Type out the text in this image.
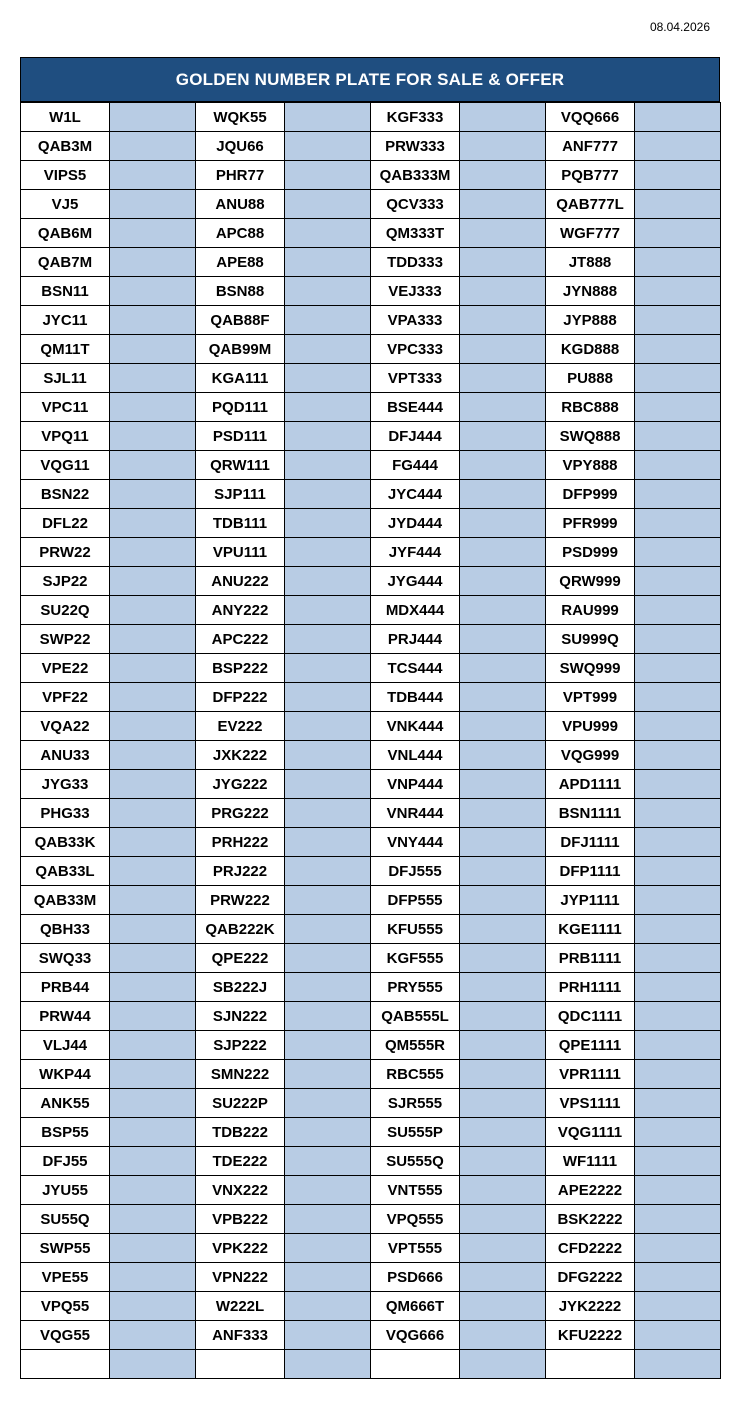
08.04.2026
GOLDEN NUMBER PLATE FOR SALE & OFFER
W1L		WQK55		KGF333		VQQ666	
QAB3M		JQU66		PRW333		ANF777	
VIPS5		PHR77		QAB333M		PQB777	
VJ5		ANU88		QCV333		QAB777L	
QAB6M		APC88		QM333T		WGF777	
QAB7M		APE88		TDD333		JT888	
BSN11		BSN88		VEJ333		JYN888	
JYC11		QAB88F		VPA333		JYP888	
QM11T		QAB99M		VPC333		KGD888	
SJL11		KGA111		VPT333		PU888	
VPC11		PQD111		BSE444		RBC888	
VPQ11		PSD111		DFJ444		SWQ888	
VQG11		QRW111		FG444		VPY888	
BSN22		SJP111		JYC444		DFP999	
DFL22		TDB111		JYD444		PFR999	
PRW22		VPU111		JYF444		PSD999	
SJP22		ANU222		JYG444		QRW999	
SU22Q		ANY222		MDX444		RAU999	
SWP22		APC222		PRJ444		SU999Q	
VPE22		BSP222		TCS444		SWQ999	
VPF22		DFP222		TDB444		VPT999	
VQA22		EV222		VNK444		VPU999	
ANU33		JXK222		VNL444		VQG999	
JYG33		JYG222		VNP444		APD1111	
PHG33		PRG222		VNR444		BSN1111	
QAB33K		PRH222		VNY444		DFJ1111	
QAB33L		PRJ222		DFJ555		DFP1111	
QAB33M		PRW222		DFP555		JYP1111	
QBH33		QAB222K		KFU555		KGE1111	
SWQ33		QPE222		KGF555		PRB1111	
PRB44		SB222J		PRY555		PRH1111	
PRW44		SJN222		QAB555L		QDC1111	
VLJ44		SJP222		QM555R		QPE1111	
WKP44		SMN222		RBC555		VPR1111	
ANK55		SU222P		SJR555		VPS1111	
BSP55		TDB222		SU555P		VQG1111	
DFJ55		TDE222		SU555Q		WF1111	
JYU55		VNX222		VNT555		APE2222	
SU55Q		VPB222		VPQ555		BSK2222	
SWP55		VPK222		VPT555		CFD2222	
VPE55		VPN222		PSD666		DFG2222	
VPQ55		W222L		QM666T		JYK2222	
VQG55		ANF333		VQG666		KFU2222	
